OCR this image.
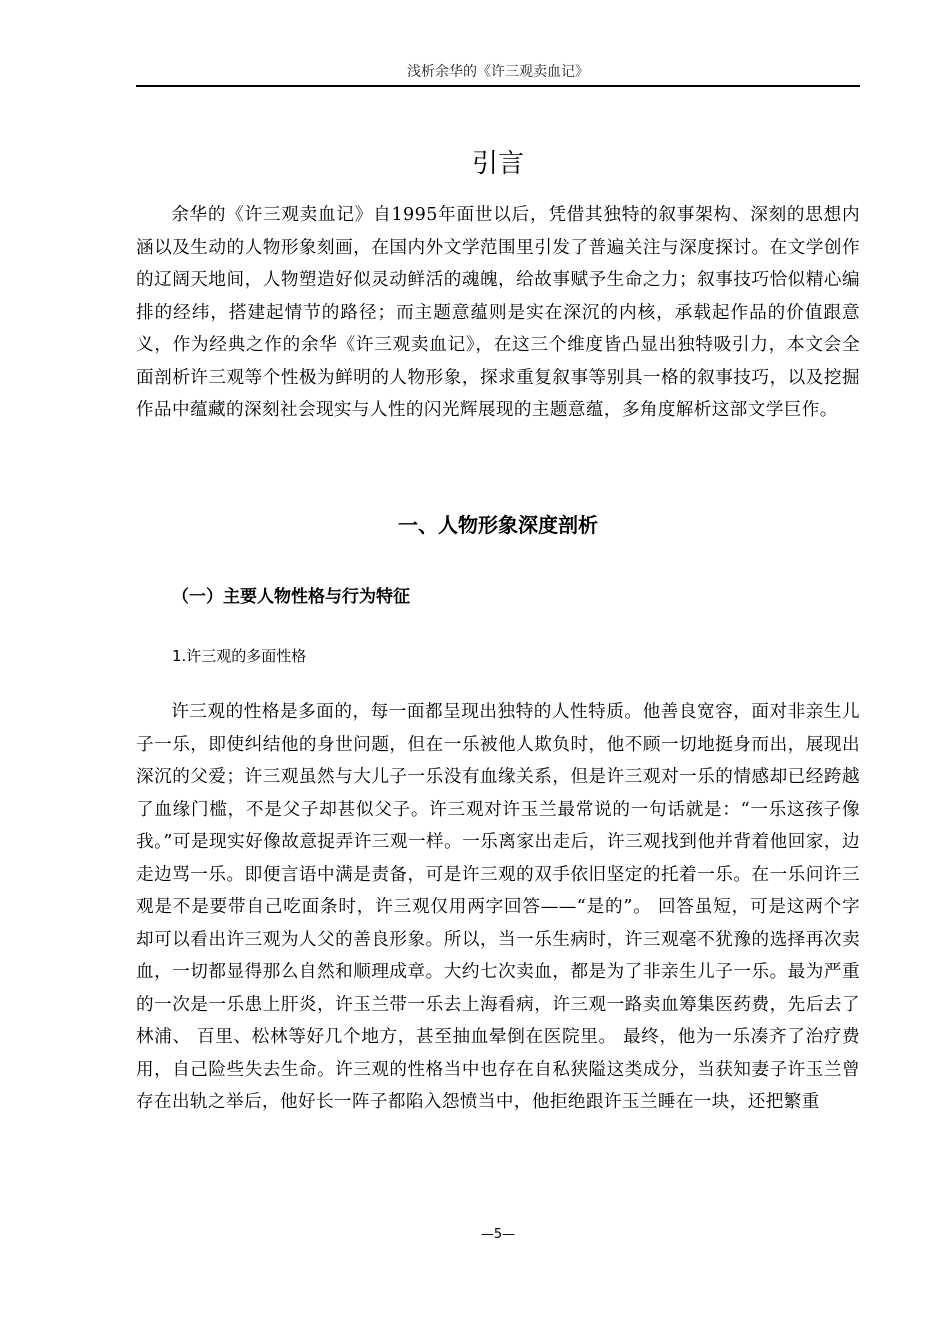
浅析余华的《许三观卖血记》
引言

余华的《许三观卖血记》自1995年面世以后，凭借其独特的叙事架构、深刻的思想内涵以及生动的人物形象刻画，在国内外文学范围里引发了普遍关注与深度探讨。在文学创作的辽阔天地间，人物塑造好似灵动鲜活的魂魄，给故事赋予生命之力；叙事技巧恰似精心编排的经纬，搭建起情节的路径；而主题意蕴则是实在深沉的内核，承载起作品的价值跟意义，作为经典之作的余华《许三观卖血记》，在这三个维度皆凸显出独特吸引力，本文会全面剖析许三观等个性极为鲜明的人物形象，探求重复叙事等别具一格的叙事技巧，以及挖掘作品中蕴藏的深刻社会现实与人性的闪光辉展现的主题意蕴，多角度解析这部文学巨作。

一、人物形象深度剖析
（一）主要人物性格与行为特征
1.许三观的多面性格

许三观的性格是多面的，每一面都呈现出独特的人性特质。他善良宽容，面对非亲生儿子一乐，即使纠结他的身世问题，但在一乐被他人欺负时，他不顾一切地挺身而出，展现出深沉的父爱；许三观虽然与大儿子一乐没有血缘关系，但是许三观对一乐的情感却已经跨越了血缘门槛，不是父子却甚似父子。许三观对许玉兰最常说的一句话就是：“一乐这孩子像我。”可是现实好像故意捉弄许三观一样。一乐离家出走后，许三观找到他并背着他回家，边走边骂一乐。即便言语中满是责备，可是许三观的双手依旧坚定的托着一乐。在一乐问许三观是不是要带自己吃面条时，许三观仅用两字回答——“是的”。 回答虽短，可是这两个字却可以看出许三观为人父的善良形象。所以，当一乐生病时，许三观毫不犹豫的选择再次卖血，一切都显得那么自然和顺理成章。大约七次卖血，都是为了非亲生儿子一乐。最为严重的一次是一乐患上肝炎，许玉兰带一乐去上海看病，许三观一路卖血筹集医药费，先后去了林浦、 百里、松林等好几个地方，甚至抽血晕倒在医院里。 最终，他为一乐凑齐了治疗费用，自己险些失去生命。许三观的性格当中也存在自私狭隘这类成分，当获知妻子许玉兰曾存在出轨之举后，他好长一阵子都陷入怨愤当中，他拒绝跟许玉兰睡在一块，还把繁重

—5—
